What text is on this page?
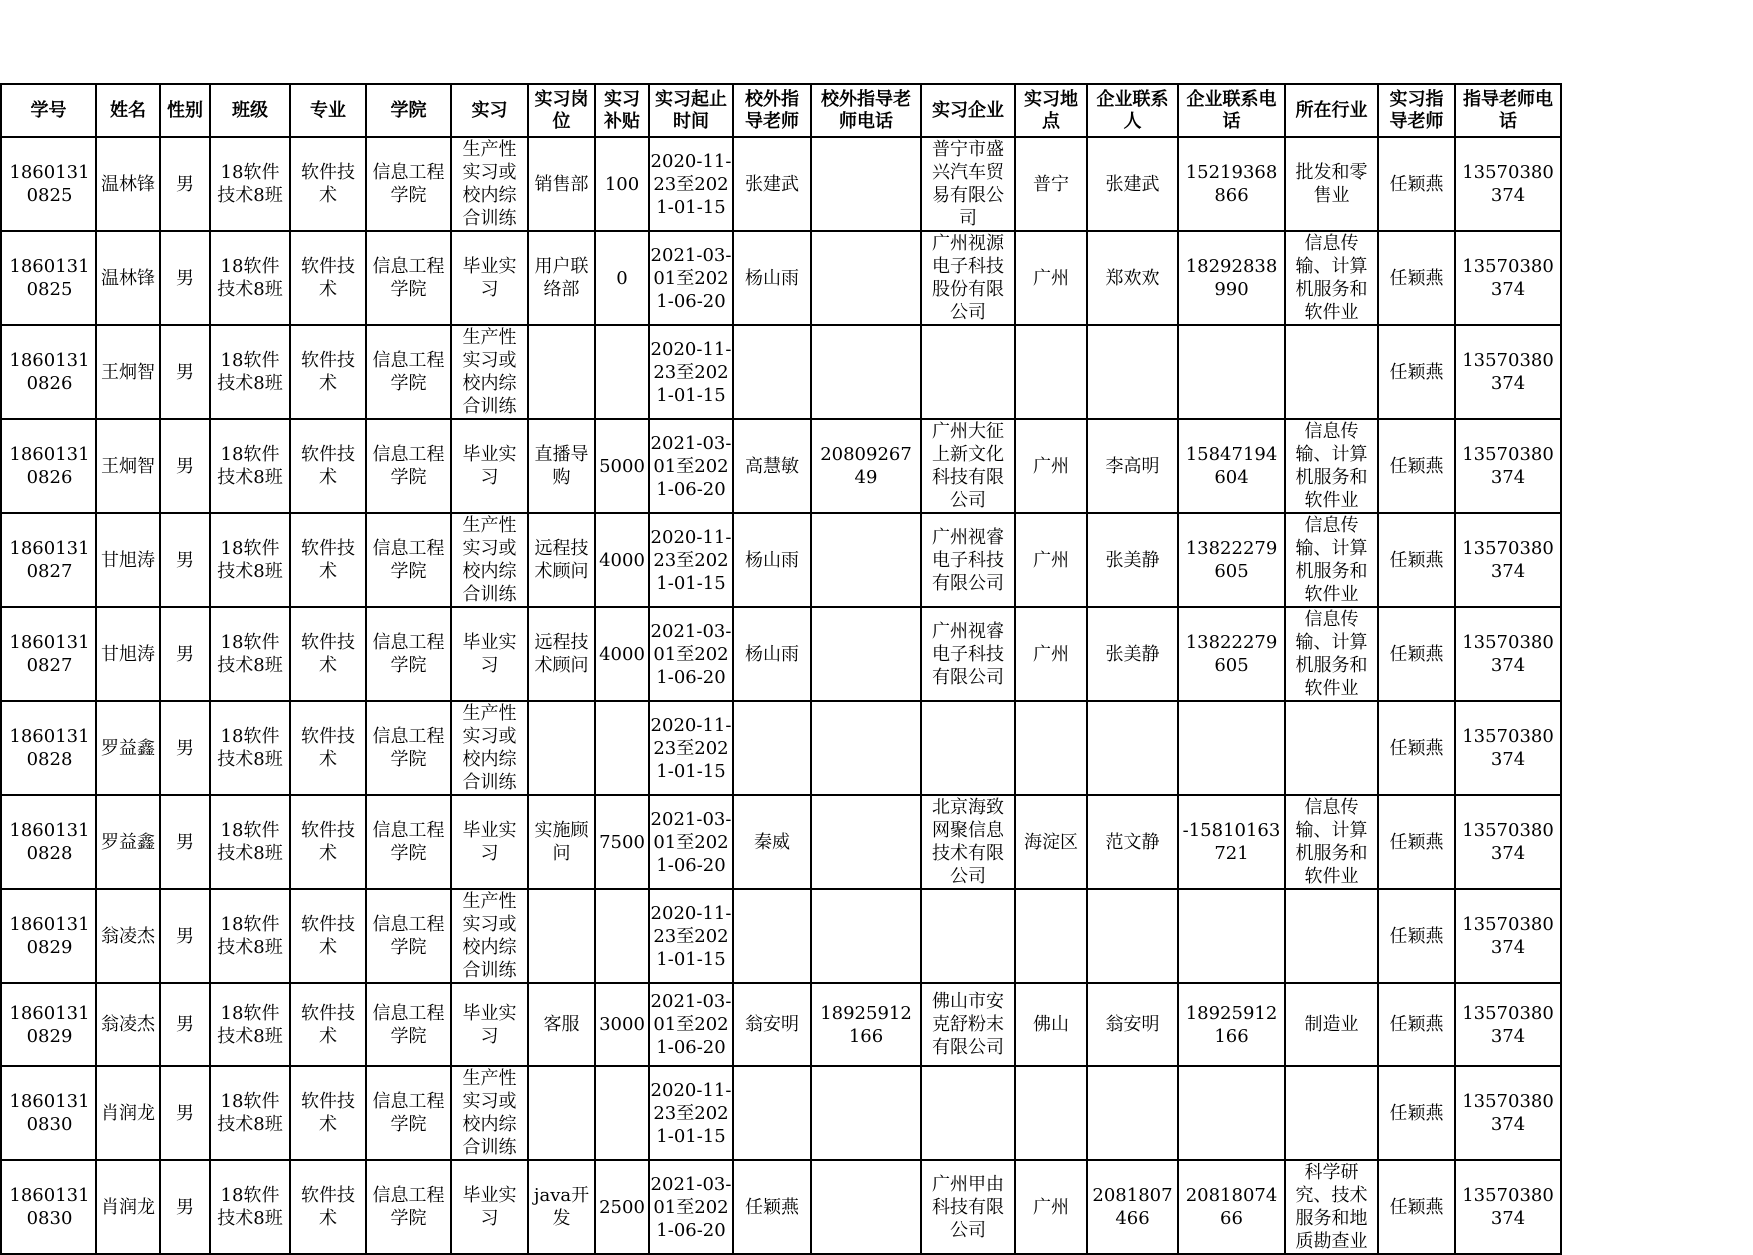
学号	姓名	性别	班级	专业	学院	实习	实习岗位	实习补贴	实习起止时间	校外指导老师	校外指导老师电话	实习企业	实习地点	企业联系人	企业联系电话	所在行业	实习指导老师	指导老师电话
18601310825	温林锋	男	18软件技术8班	软件技术	信息工程学院	生产性实习或校内综合训练	销售部	100	2020-11-23至2021-01-15	张建武		普宁市盛兴汽车贸易有限公司	普宁	张建武	15219368866	批发和零售业	任颖燕	13570380374
18601310825	温林锋	男	18软件技术8班	软件技术	信息工程学院	毕业实习	用户联络部	0	2021-03-01至2021-06-20	杨山雨		广州视源电子科技股份有限公司	广州	郑欢欢	18292838990	信息传输、计算机服务和软件业	任颖燕	13570380374
18601310826	王炯智	男	18软件技术8班	软件技术	信息工程学院	生产性实习或校内综合训练			2020-11-23至2021-01-15								任颖燕	13570380374
18601310826	王炯智	男	18软件技术8班	软件技术	信息工程学院	毕业实习	直播导购	5000	2021-03-01至2021-06-20	高慧敏	2080926749	广州大征上新文化科技有限公司	广州	李高明	15847194604	信息传输、计算机服务和软件业	任颖燕	13570380374
18601310827	甘旭涛	男	18软件技术8班	软件技术	信息工程学院	生产性实习或校内综合训练	远程技术顾问	4000	2020-11-23至2021-01-15	杨山雨		广州视睿电子科技有限公司	广州	张美静	13822279605	信息传输、计算机服务和软件业	任颖燕	13570380374
18601310827	甘旭涛	男	18软件技术8班	软件技术	信息工程学院	毕业实习	远程技术顾问	4000	2021-03-01至2021-06-20	杨山雨		广州视睿电子科技有限公司	广州	张美静	13822279605	信息传输、计算机服务和软件业	任颖燕	13570380374
18601310828	罗益鑫	男	18软件技术8班	软件技术	信息工程学院	生产性实习或校内综合训练			2020-11-23至2021-01-15								任颖燕	13570380374
18601310828	罗益鑫	男	18软件技术8班	软件技术	信息工程学院	毕业实习	实施顾问	7500	2021-03-01至2021-06-20	秦威		北京海致网聚信息技术有限公司	海淀区	范文静	-15810163721	信息传输、计算机服务和软件业	任颖燕	13570380374
18601310829	翁凌杰	男	18软件技术8班	软件技术	信息工程学院	生产性实习或校内综合训练			2020-11-23至2021-01-15								任颖燕	13570380374
18601310829	翁凌杰	男	18软件技术8班	软件技术	信息工程学院	毕业实习	客服	3000	2021-03-01至2021-06-20	翁安明	18925912166	佛山市安克舒粉末有限公司	佛山	翁安明	18925912166	制造业	任颖燕	13570380374
18601310830	肖润龙	男	18软件技术8班	软件技术	信息工程学院	生产性实习或校内综合训练			2020-11-23至2021-01-15								任颖燕	13570380374
18601310830	肖润龙	男	18软件技术8班	软件技术	信息工程学院	毕业实习	java开发	2500	2021-03-01至2021-06-20	任颖燕		广州甲由科技有限公司	广州	2081807466	2081807466	科学研究、技术服务和地质勘查业	任颖燕	13570380374
